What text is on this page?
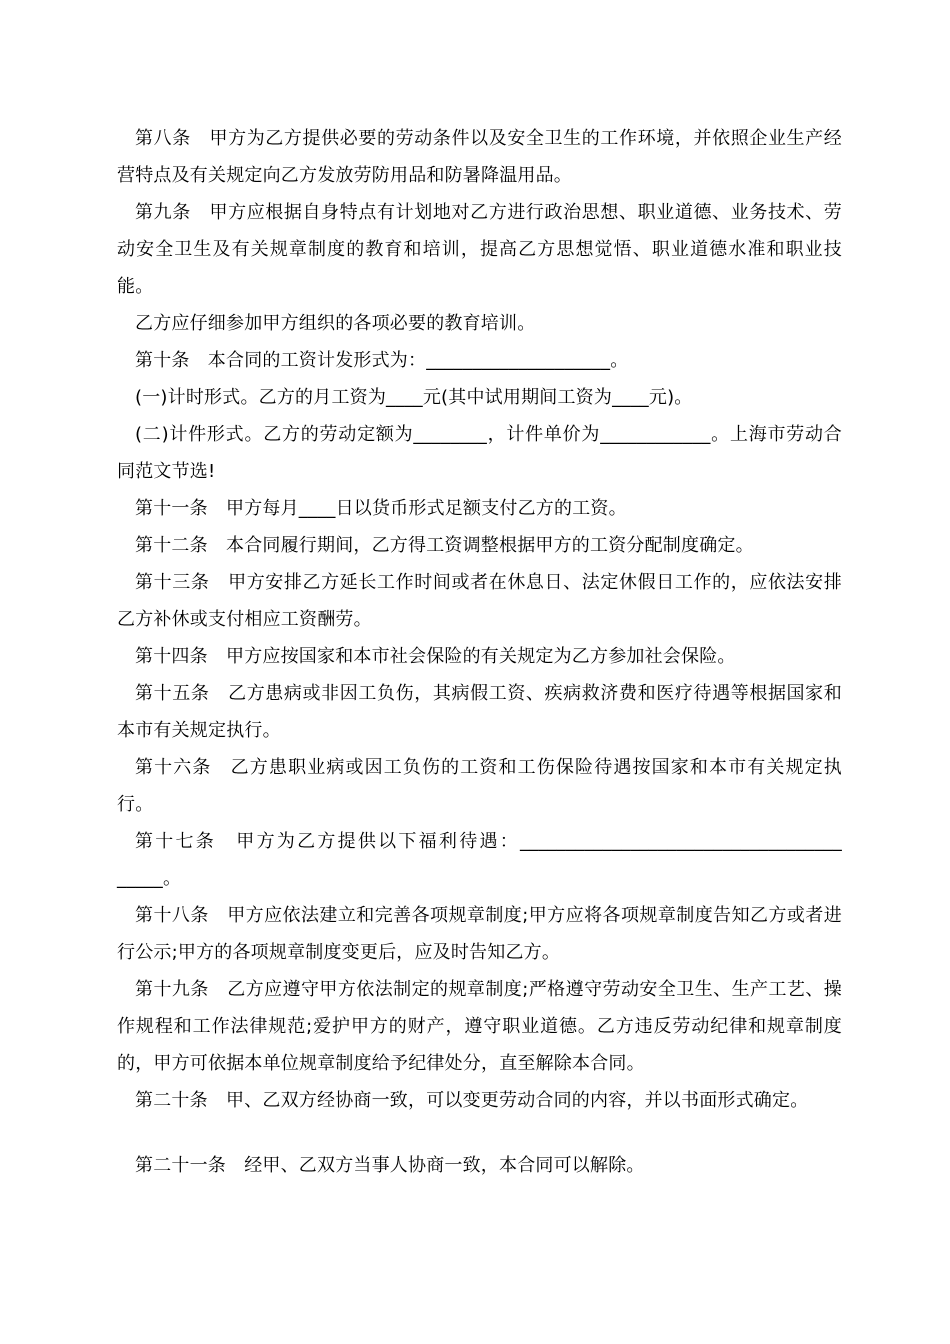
第八条　甲方为乙方提供必要的劳动条件以及安全卫生的工作环境，并依照企业生产经营特点及有关规定向乙方发放劳防用品和防暑降温用品。

第九条　甲方应根据自身特点有计划地对乙方进行政治思想、职业道德、业务技术、劳动安全卫生及有关规章制度的教育和培训，提高乙方思想觉悟、职业道德水准和职业技能。

乙方应仔细参加甲方组织的各项必要的教育培训。

第十条　本合同的工资计发形式为：____________________。

(一)计时形式。乙方的月工资为____元(其中试用期间工资为____元)。

(二)计件形式。乙方的劳动定额为________，计件单价为____________。上海市劳动合同范文节选!

第十一条　甲方每月____日以货币形式足额支付乙方的工资。

第十二条　本合同履行期间，乙方得工资调整根据甲方的工资分配制度确定。

第十三条　甲方安排乙方延长工作时间或者在休息日、法定休假日工作的，应依法安排乙方补休或支付相应工资酬劳。

第十四条　甲方应按国家和本市社会保险的有关规定为乙方参加社会保险。

第十五条　乙方患病或非因工负伤，其病假工资、疾病救济费和医疗待遇等根据国家和本市有关规定执行。

第十六条　乙方患职业病或因工负伤的工资和工伤保险待遇按国家和本市有关规定执行。

第十七条　甲方为乙方提供以下福利待遇：___________________________________ _____。

第十八条　甲方应依法建立和完善各项规章制度;甲方应将各项规章制度告知乙方或者进行公示;甲方的各项规章制度变更后，应及时告知乙方。

第十九条　乙方应遵守甲方依法制定的规章制度;严格遵守劳动安全卫生、生产工艺、操作规程和工作法律规范;爱护甲方的财产，遵守职业道德。乙方违反劳动纪律和规章制度的，甲方可依据本单位规章制度给予纪律处分，直至解除本合同。

第二十条　甲、乙双方经协商一致，可以变更劳动合同的内容，并以书面形式确定。

第二十一条　经甲、乙双方当事人协商一致，本合同可以解除。
